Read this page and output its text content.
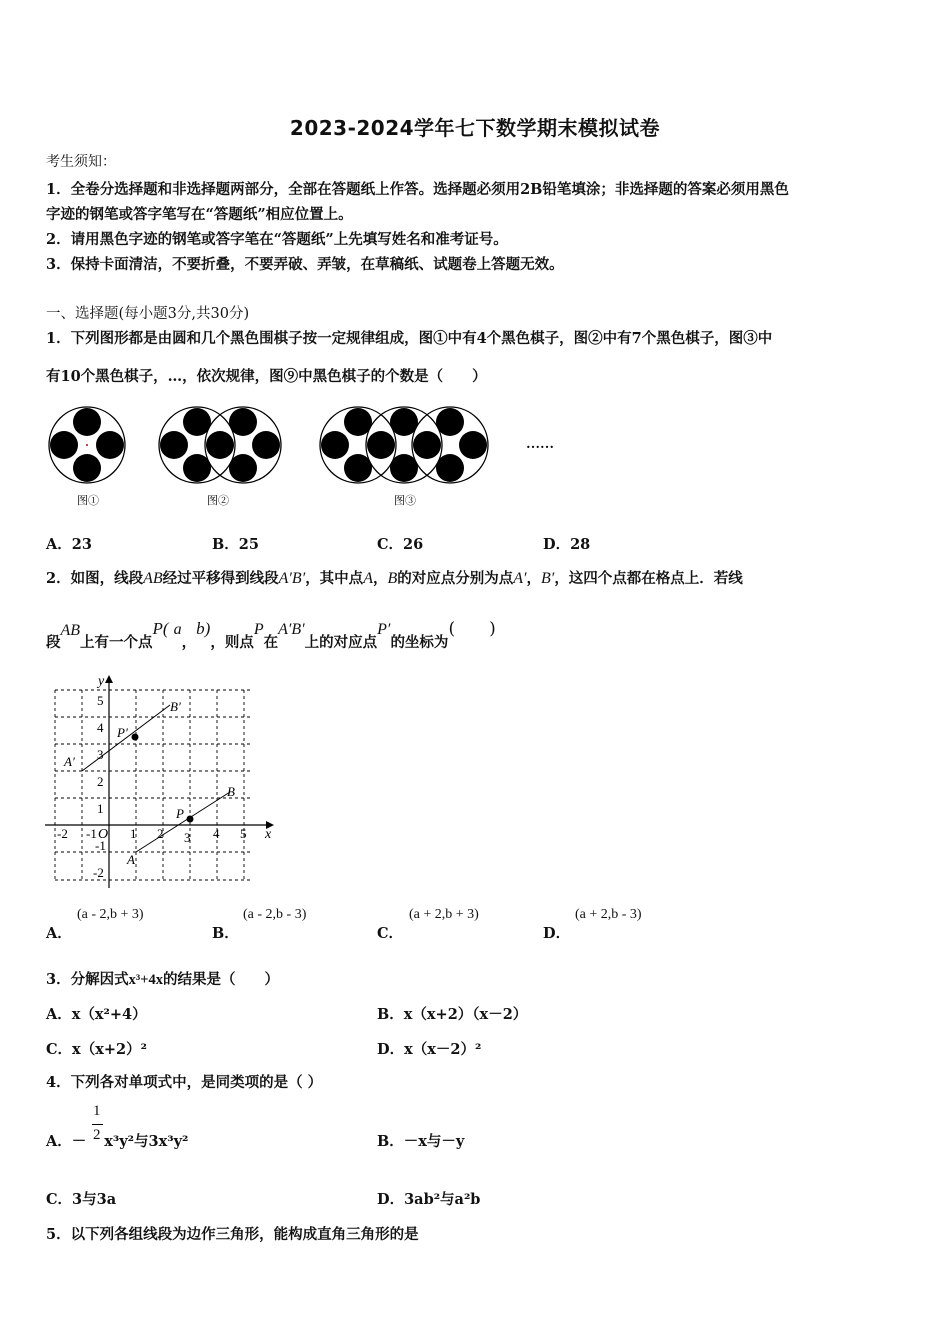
2023-2024学年七下数学期末模拟试卷
考生须知：
1．全卷分选择题和非选择题两部分，全部在答题纸上作答。选择题必须用2B铅笔填涂；非选择题的答案必须用黑色
字迹的钢笔或答字笔写在“答题纸”相应位置上。
2．请用黑色字迹的钢笔或答字笔在“答题纸”上先填写姓名和准考证号。
3．保持卡面清洁，不要折叠，不要弄破、弄皱，在草稿纸、试题卷上答题无效。
一、选择题(每小题3分,共30分)
1．下列图形都是由圆和几个黑色围棋子按一定规律组成，图①中有4个黑色棋子，图②中有7个黑色棋子，图③中
有10个黑色棋子，…，依次规律，图⑨中黑色棋子的个数是（　　）
图①	图②	图③
……
A．23	B．25	C．26	D．28
2．如图，线段AB经过平移得到线段A′B′，其中点A，B的对应点分别为点A′，B′，这四个点都在格点上．若线
段AB上有一个点P( a，b)，则点P在A′B′上的对应点P′的坐标为(　　)
-2 -1 O 1 2 3 4 5 x
5
4
3
2
1
-1
-2
y
A′
P′
B′
A
P
B
A．
(a - 2,b + 3)
B．
(a - 2,b - 3)
C．
(a + 2,b + 3)
D．
(a + 2,b - 3)
3．分解因式x³+4x的结果是（　　）
A．x（x²+4）	B．x（x+2）（x－2）
C．x（x+2）²	D．x（x－2）²
4．下列各对单项式中，是同类项的是（ ）
1
2
A．－ x³y²与3x³y²	B．－x与－y
C．3与3a	D．3ab²与a²b
5．以下列各组线段为边作三角形，能构成直角三角形的是
